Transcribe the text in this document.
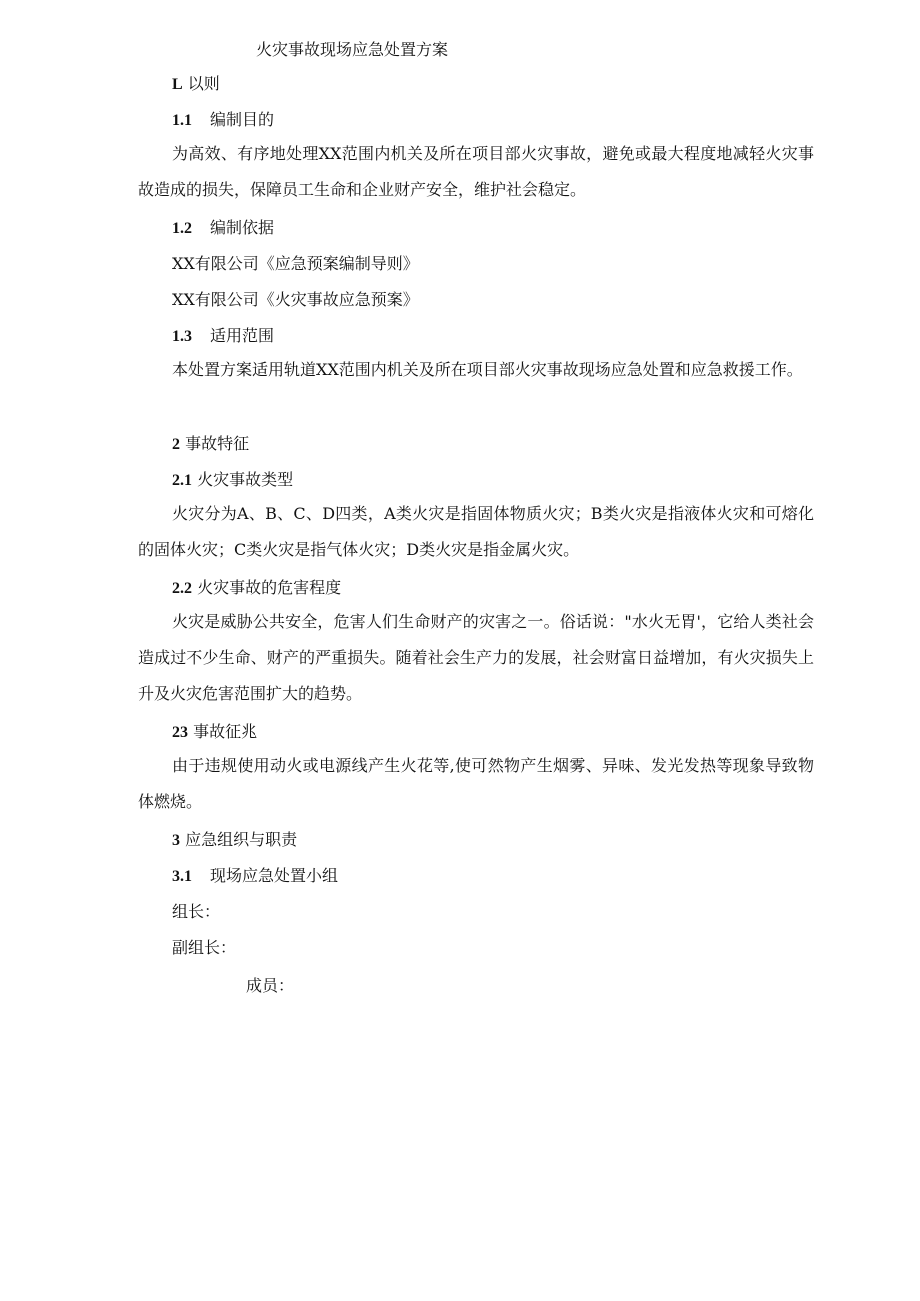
火灾事故现场应急处置方案
L 以则
1.1 编制目的
为高效、有序地处理XX范围内机关及所在项目部火灾事故，避免或最大程度地减轻火灾事故造成的损失，保障员工生命和企业财产安全，维护社会稳定。
1.2 编制依据
XX有限公司《应急预案编制导则》
XX有限公司《火灾事故应急预案》
1.3 适用范围
本处置方案适用轨道XX范围内机关及所在项目部火灾事故现场应急处置和应急救援工作。
2 事故特征
2.1 火灾事故类型
火灾分为A、B、C、D四类，A类火灾是指固体物质火灾；B类火灾是指液体火灾和可熔化的固体火灾；C类火灾是指气体火灾；D类火灾是指金属火灾。
2.2 火灾事故的危害程度
火灾是威胁公共安全，危害人们生命财产的灾害之一。俗话说："水火无胃'，它给人类社会造成过不少生命、财产的严重损失。随着社会生产力的发展，社会财富日益增加，有火灾损失上升及火灾危害范围扩大的趋势。
23 事故征兆
由于违规使用动火或电源线产生火花等,使可然物产生烟雾、异味、发光发热等现象导致物体燃烧。
3 应急组织与职责
3.1 现场应急处置小组
组长：
副组长：
成员：
